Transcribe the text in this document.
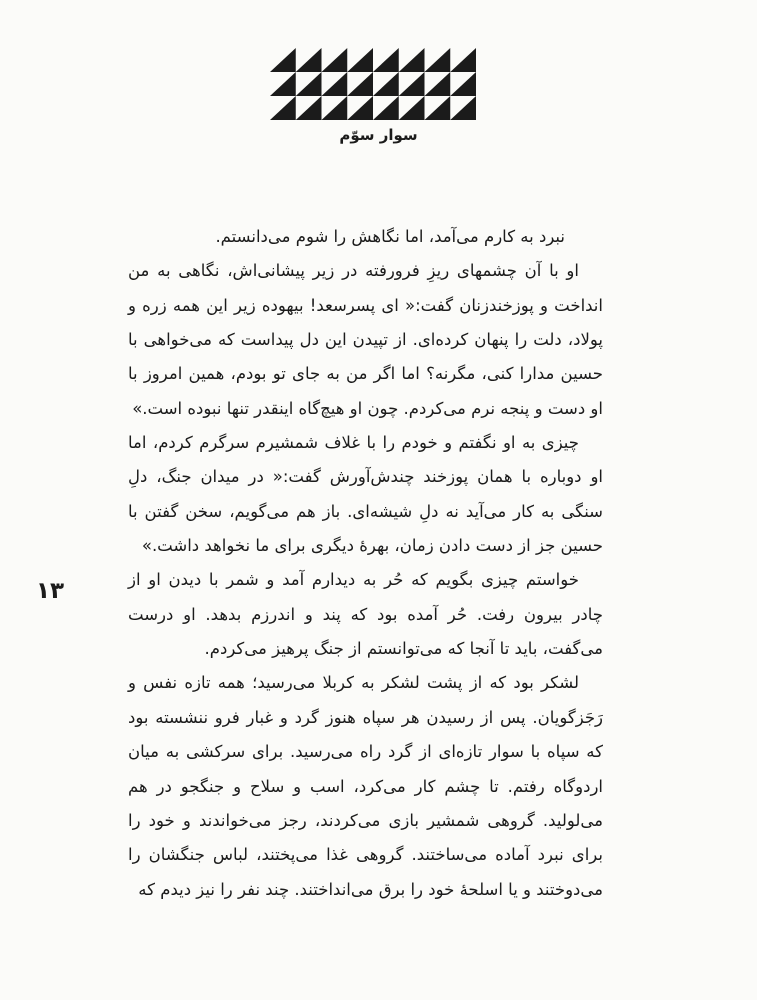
سوار سوّم
۱۳

نبرد به کارم می‌آمد، اما نگاهش را شوم می‌دانستم.

او با آن چشمهای ریزِ فرورفته در زیر پیشانی‌اش، نگاهی به من انداخت و پوزخندزنان گفت:« ای پسرسعد! بیهوده زیر این همه زره و پولاد، دلت را پنهان کرده‌ای. از تپیدن این دل پیداست که می‌خواهی با حسین مدارا کنی، مگرنه؟ اما اگر من به جای تو بودم، همین امروز با او دست و پنجه نرم می‌کردم. چون او هیچ‌گاه اینقدر تنها نبوده است.»

چیزی به او نگفتم و خودم را با غلاف شمشیرم سرگرم کردم، اما او دوباره با همان پوزخند چندش‌آورش گفت:« در میدان جنگ، دلِ سنگی به کار می‌آید نه دلِ شیشه‌ای. باز هم می‌گویم، سخن گفتن با حسین جز از دست دادن زمان، بهرهٔ دیگری برای ما نخواهد داشت.»

خواستم چیزی بگویم که حُر به دیدارم آمد و شمر با دیدن او از چادر بیرون رفت. حُر آمده بود که پند و اندرزم بدهد. او درست می‌گفت، باید تا آنجا که می‌توانستم از جنگ پرهیز می‌کردم.

لشکر بود که از پشت لشکر به کربلا می‌رسید؛ همه تازه نفس و رَجَزگویان. پس از رسیدن هر سپاه هنوز گرد و غبار فرو ننشسته بود که سپاه با سوار تازه‌ای از گرد راه می‌رسید. برای سرکشی به میان اردوگاه رفتم. تا چشم کار می‌کرد، اسب و سلاح و جنگجو در هم می‌لولید. گروهی شمشیر بازی می‌کردند، رجز می‌خواندند و خود را برای نبرد آماده می‌ساختند. گروهی غذا می‌پختند، لباس جنگشان را می‌دوختند و یا اسلحهٔ خود را برق می‌انداختند. چند نفر را نیز دیدم که
